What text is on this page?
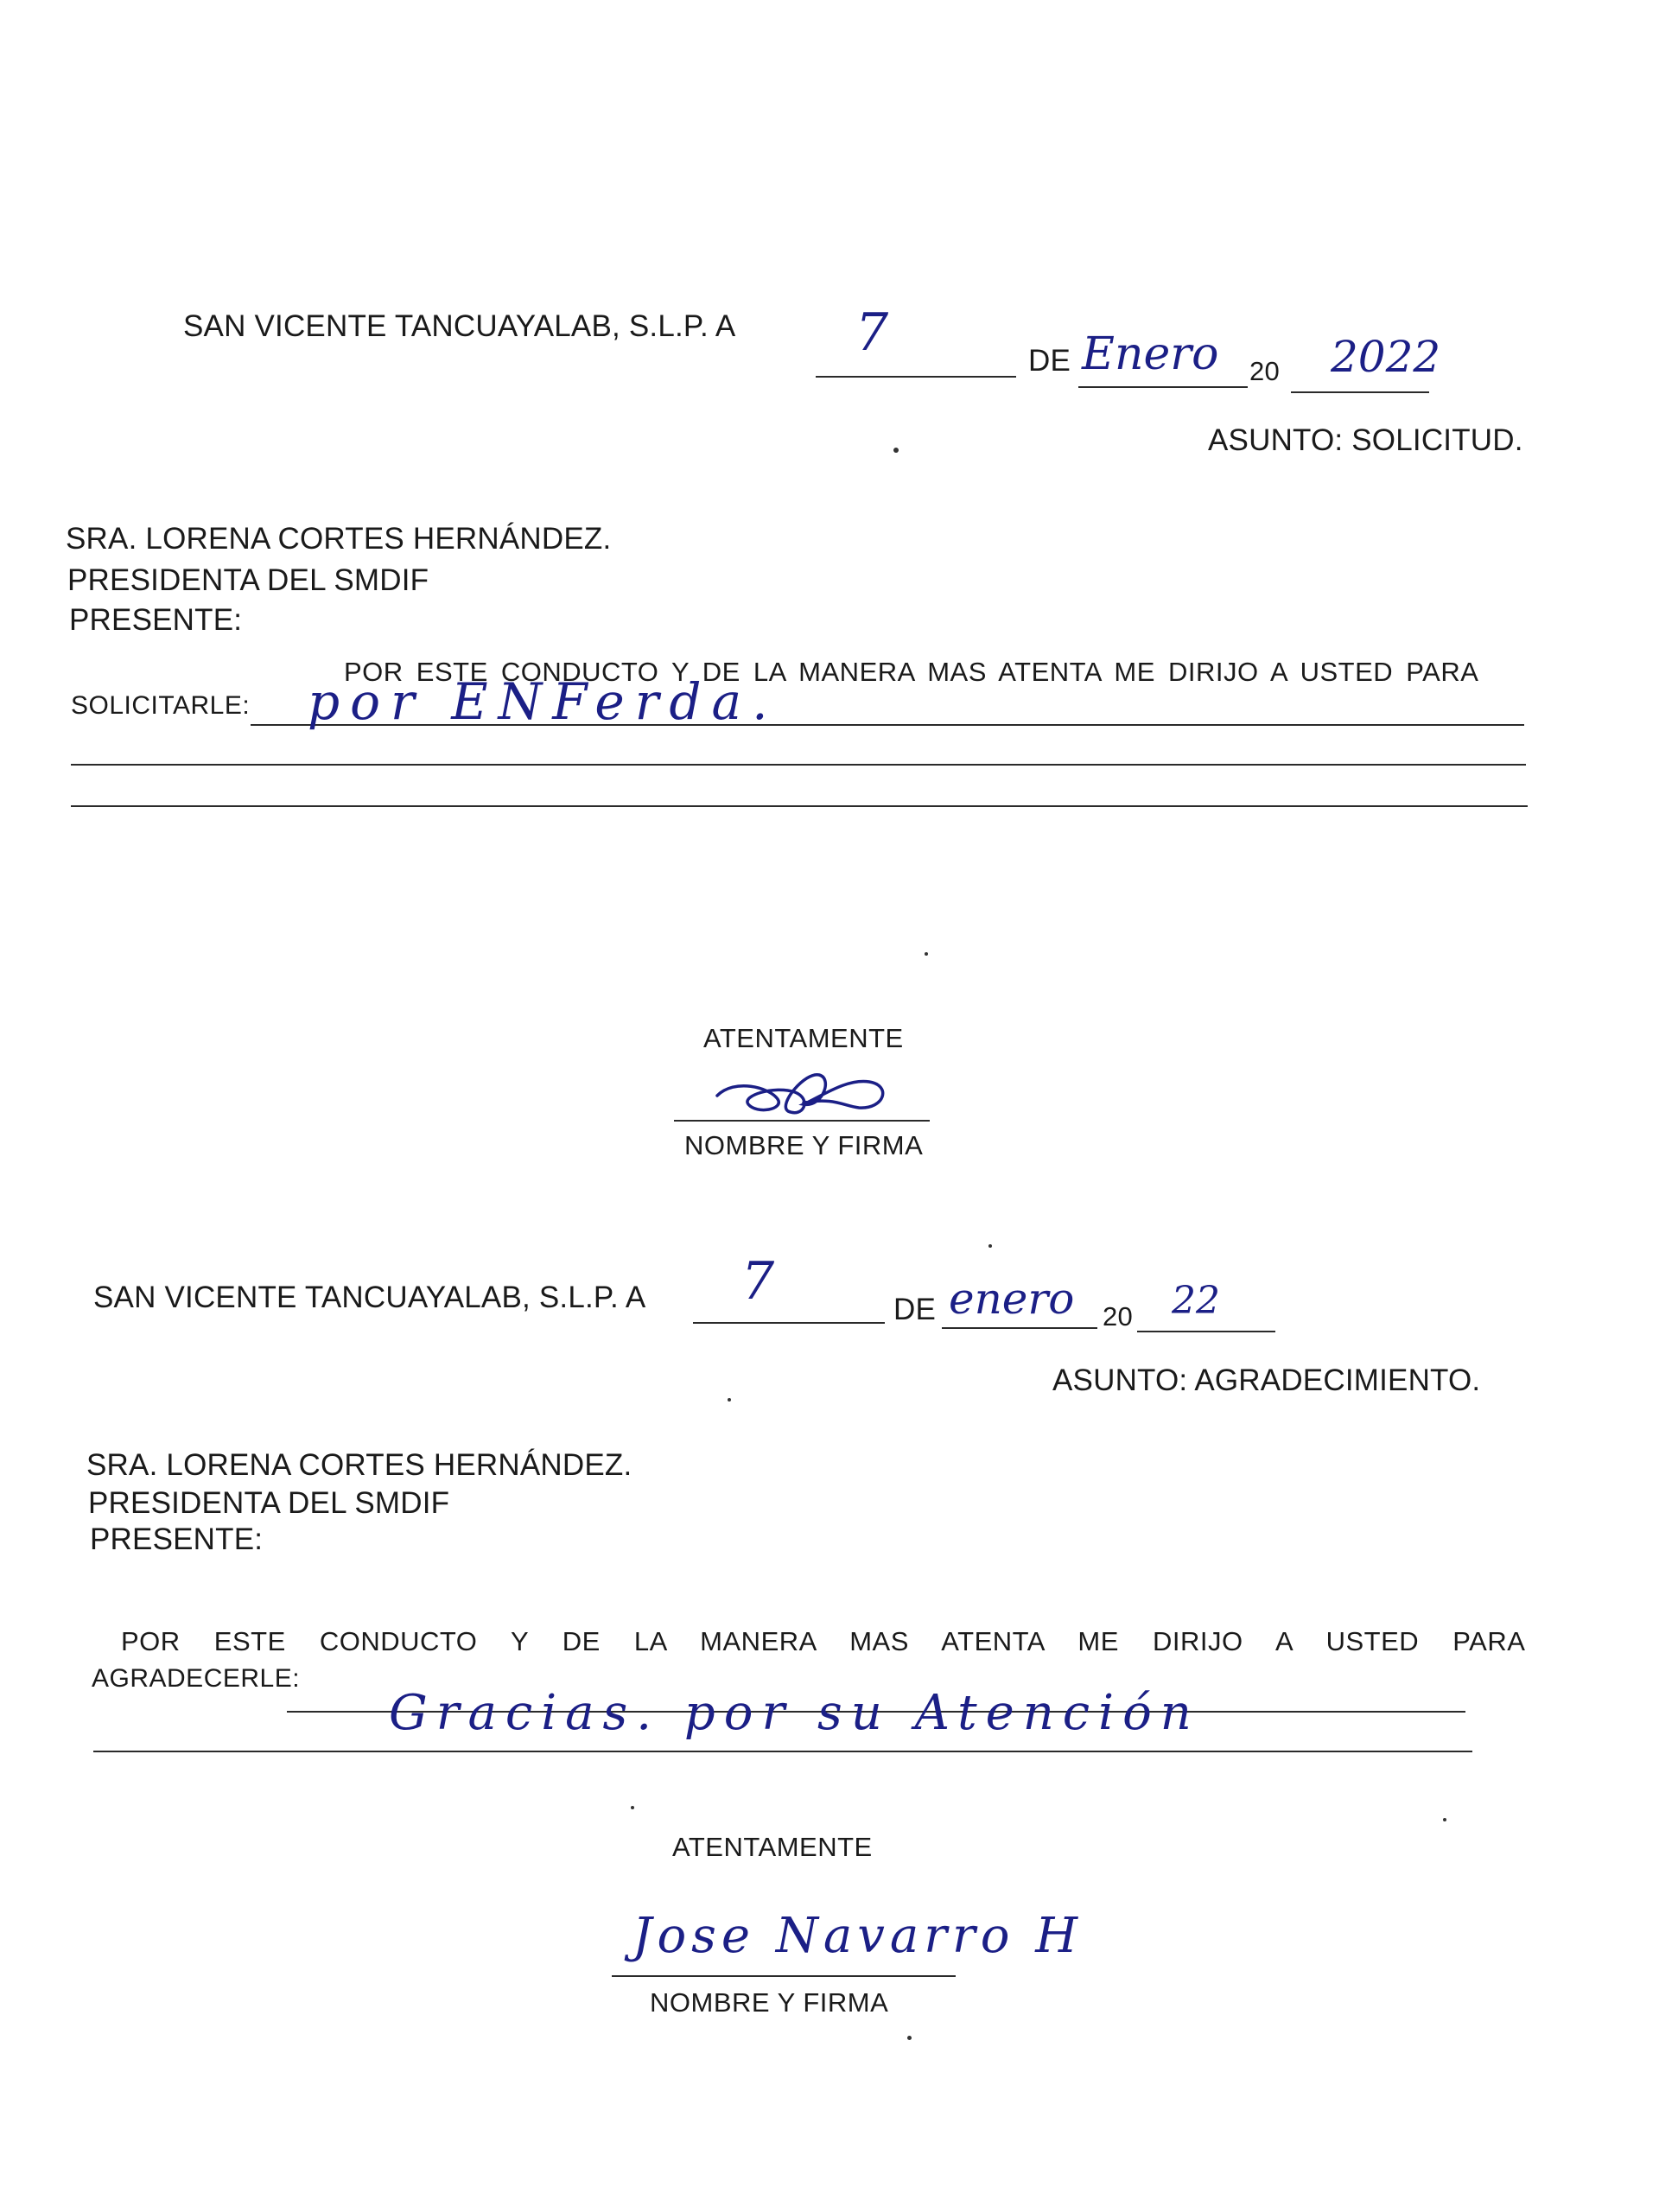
SAN VICENTE TANCUAYALAB, S.L.P. A 7	DE Enero 20 2022
ASUNTO: SOLICITUD.
SRA. LORENA CORTES HERNÁNDEZ.
PRESIDENTA DEL SMDIF
PRESENTE:
POR ESTE CONDUCTO Y DE LA MANERA MAS ATENTA ME DIRIJO A USTED PARA
SOLICITARLE: por ENFerda.
ATENTAMENTE
NOMBRE Y FIRMA
SAN VICENTE TANCUAYALAB, S.L.P. A 7	DE enero 20 22
ASUNTO: AGRADECIMIENTO.
SRA. LORENA CORTES HERNÁNDEZ.
PRESIDENTA DEL SMDIF
PRESENTE:
POR ESTE CONDUCTO Y DE LA MANERA MAS ATENTA ME DIRIJO A USTED PARA
AGRADECERLE:
Gracias. por su Atención
ATENTAMENTE
Jose Navarro H
NOMBRE Y FIRMA
